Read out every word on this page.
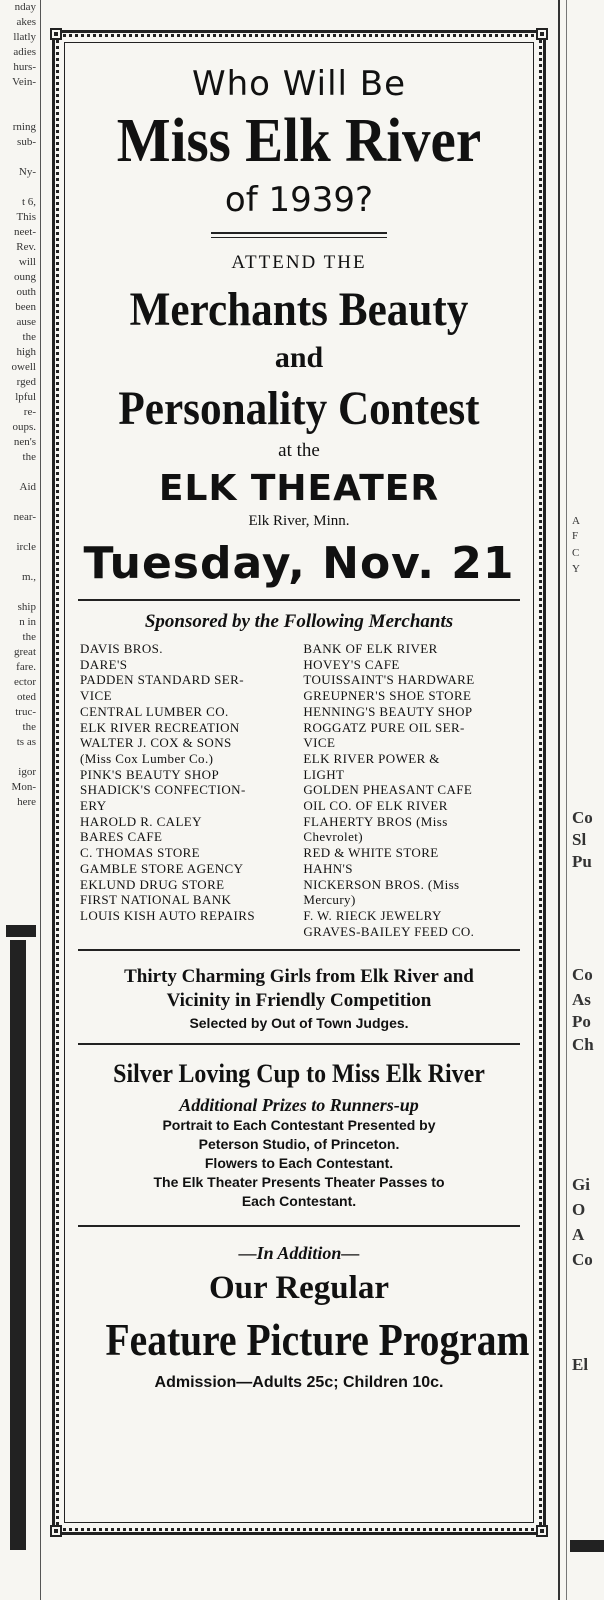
nday
akes
llatly
adies
hurs-
Vein-

rning
sub-

Ny-

t 6,
This
neet-
Rev.
will
oung
outh
been
ause
the
high
owell
rged
lpful
re-
oups.
nen's
the

Aid

near-

ircle

m.,

ship
n in
the
great
fare.
ector
oted
truc-
the
ts as

igor
Mon-
here
A
F
C
Y
Co
Sl
Pu
Co
As
Po
Ch
Gi
O
A
Co
El
Who Will Be
Miss Elk River
of 1939?
ATTEND THE
Merchants Beauty
and
Personality Contest
at the
ELK THEATER
Elk River, Minn.
Tuesday, Nov. 21
Sponsored by the Following Merchants
DAVIS BROS.
DARE'S
PADDEN STANDARD SER-
VICE
CENTRAL LUMBER CO.
ELK RIVER RECREATION
WALTER J. COX & SONS
(Miss Cox Lumber Co.)
PINK'S BEAUTY SHOP
SHADICK'S CONFECTION-
ERY
HAROLD R. CALEY
BARES CAFE
C. THOMAS STORE
GAMBLE STORE AGENCY
EKLUND DRUG STORE
FIRST NATIONAL BANK
LOUIS KISH AUTO REPAIRS
BANK OF ELK RIVER
HOVEY'S CAFE
TOUISSAINT'S HARDWARE
GREUPNER'S SHOE STORE
HENNING'S BEAUTY SHOP
ROGGATZ PURE OIL SER-
VICE
ELK RIVER POWER &
LIGHT
GOLDEN PHEASANT CAFE
OIL CO. OF ELK RIVER
FLAHERTY BROS (Miss
Chevrolet)
RED & WHITE STORE
HAHN'S
NICKERSON BROS. (Miss
Mercury)
F. W. RIECK JEWELRY
GRAVES-BAILEY FEED CO.
Thirty Charming Girls from Elk River and
Vicinity in Friendly Competition
Selected by Out of Town Judges.
Silver Loving Cup to Miss Elk River
Additional Prizes to Runners-up
Portrait to Each Contestant Presented by
Peterson Studio, of Princeton.
Flowers to Each Contestant.
The Elk Theater Presents Theater Passes to
Each Contestant.
—In Addition—
Our Regular
Feature Picture Program
Admission—Adults 25c; Children 10c.
